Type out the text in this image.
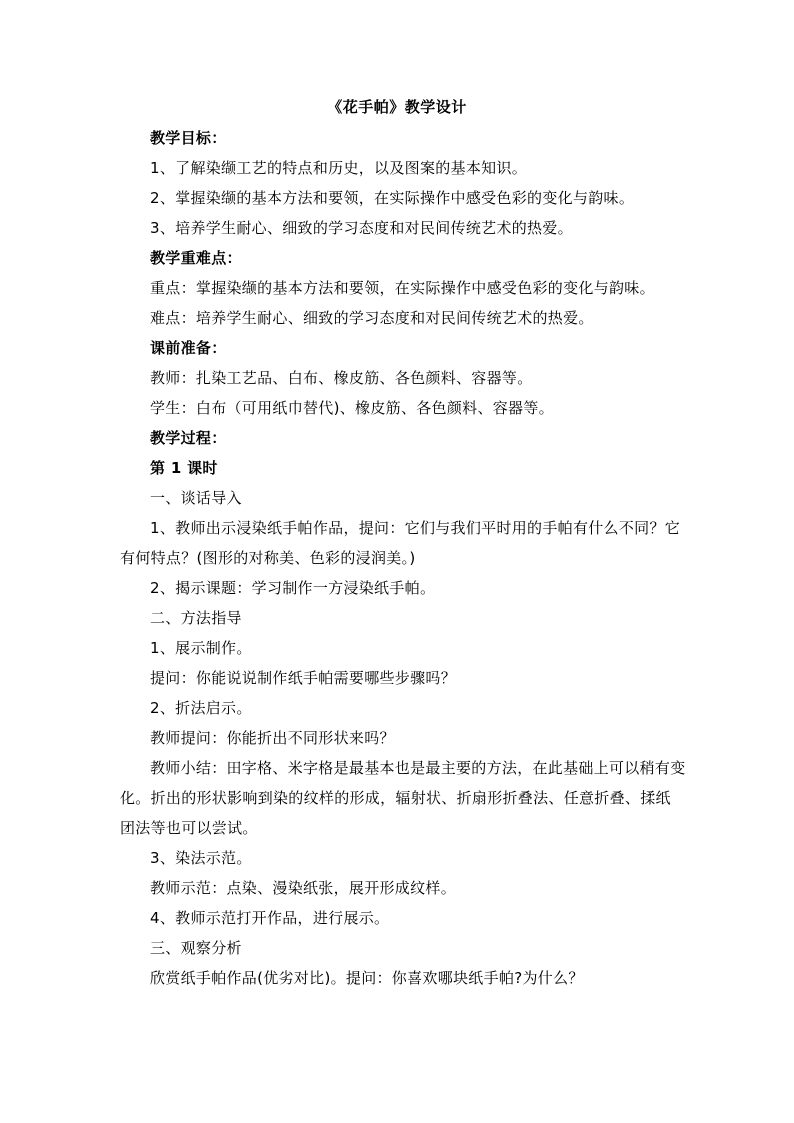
《花手帕》教学设计

教学目标：

1、了解染缬工艺的特点和历史，以及图案的基本知识。

2、掌握染缬的基本方法和要领，在实际操作中感受色彩的变化与韵味。

3、培养学生耐心、细致的学习态度和对民间传统艺术的热爱。

教学重难点：

重点：掌握染缬的基本方法和要领，在实际操作中感受色彩的变化与韵味。

难点：培养学生耐心、细致的学习态度和对民间传统艺术的热爱。

课前准备：

教师：扎染工艺品、白布、橡皮筋、各色颜料、容器等。

学生：白布（可用纸巾替代)、橡皮筋、各色颜料、容器等。

教学过程：

第 1 课时

一、谈话导入

1、教师出示浸染纸手帕作品，提问：它们与我们平时用的手帕有什么不同？它有何特点？(图形的对称美、色彩的浸润美。)

2、揭示课题：学习制作一方浸染纸手帕。

二、方法指导

1、展示制作。

提问：你能说说制作纸手帕需要哪些步骤吗？

2、折法启示。

教师提问：你能折出不同形状来吗？

教师小结：田字格、米字格是最基本也是最主要的方法，在此基础上可以稍有变化。折出的形状影响到染的纹样的形成，辐射状、折扇形折叠法、任意折叠、揉纸团法等也可以尝试。

3、染法示范。

教师示范：点染、漫染纸张，展开形成纹样。

4、教师示范打开作品，进行展示。

三、观察分析

欣赏纸手帕作品(优劣对比)。提问：你喜欢哪块纸手帕?为什么？
